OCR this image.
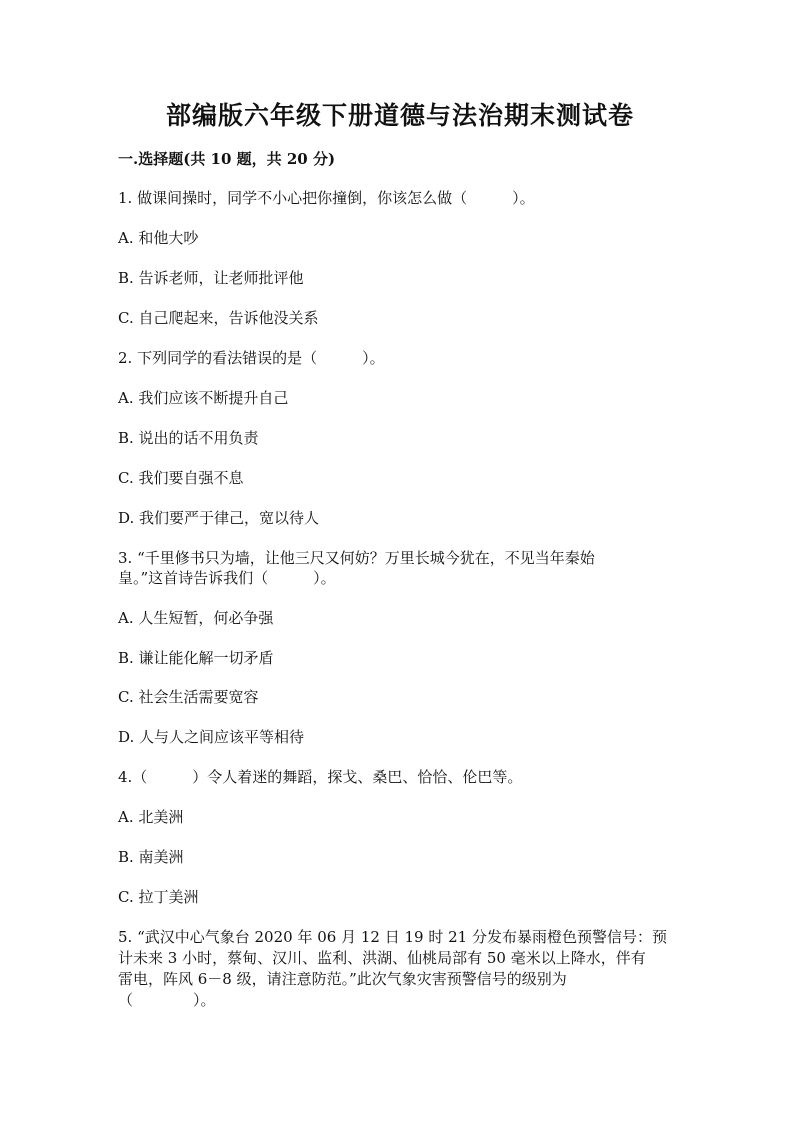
部编版六年级下册道德与法治期末测试卷
一.选择题(共 10 题，共 20 分)
1. 做课间操时，同学不小心把你撞倒，你该怎么做（　　　）。
A. 和他大吵
B. 告诉老师，让老师批评他
C. 自己爬起来，告诉他没关系
2. 下列同学的看法错误的是（　　　）。
A. 我们应该不断提升自己
B. 说出的话不用负责
C. 我们要自强不息
D. 我们要严于律己，宽以待人
3. “千里修书只为墙，让他三尺又何妨？万里长城今犹在，不见当年秦始
皇。”这首诗告诉我们（　　　）。
A. 人生短暂，何必争强
B. 谦让能化解一切矛盾
C. 社会生活需要宽容
D. 人与人之间应该平等相待
4.（　　　）令人着迷的舞蹈，探戈、桑巴、恰恰、伦巴等。
A. 北美洲
B. 南美洲
C. 拉丁美洲
5. “武汉中心气象台 2020 年 06 月 12 日 19 时 21 分发布暴雨橙色预警信号：预
计未来 3 小时，蔡甸、汉川、监利、洪湖、仙桃局部有 50 毫米以上降水，伴有
雷电，阵风 6－8 级，请注意防范。”此次气象灾害预警信号的级别为
（　　　　）。
